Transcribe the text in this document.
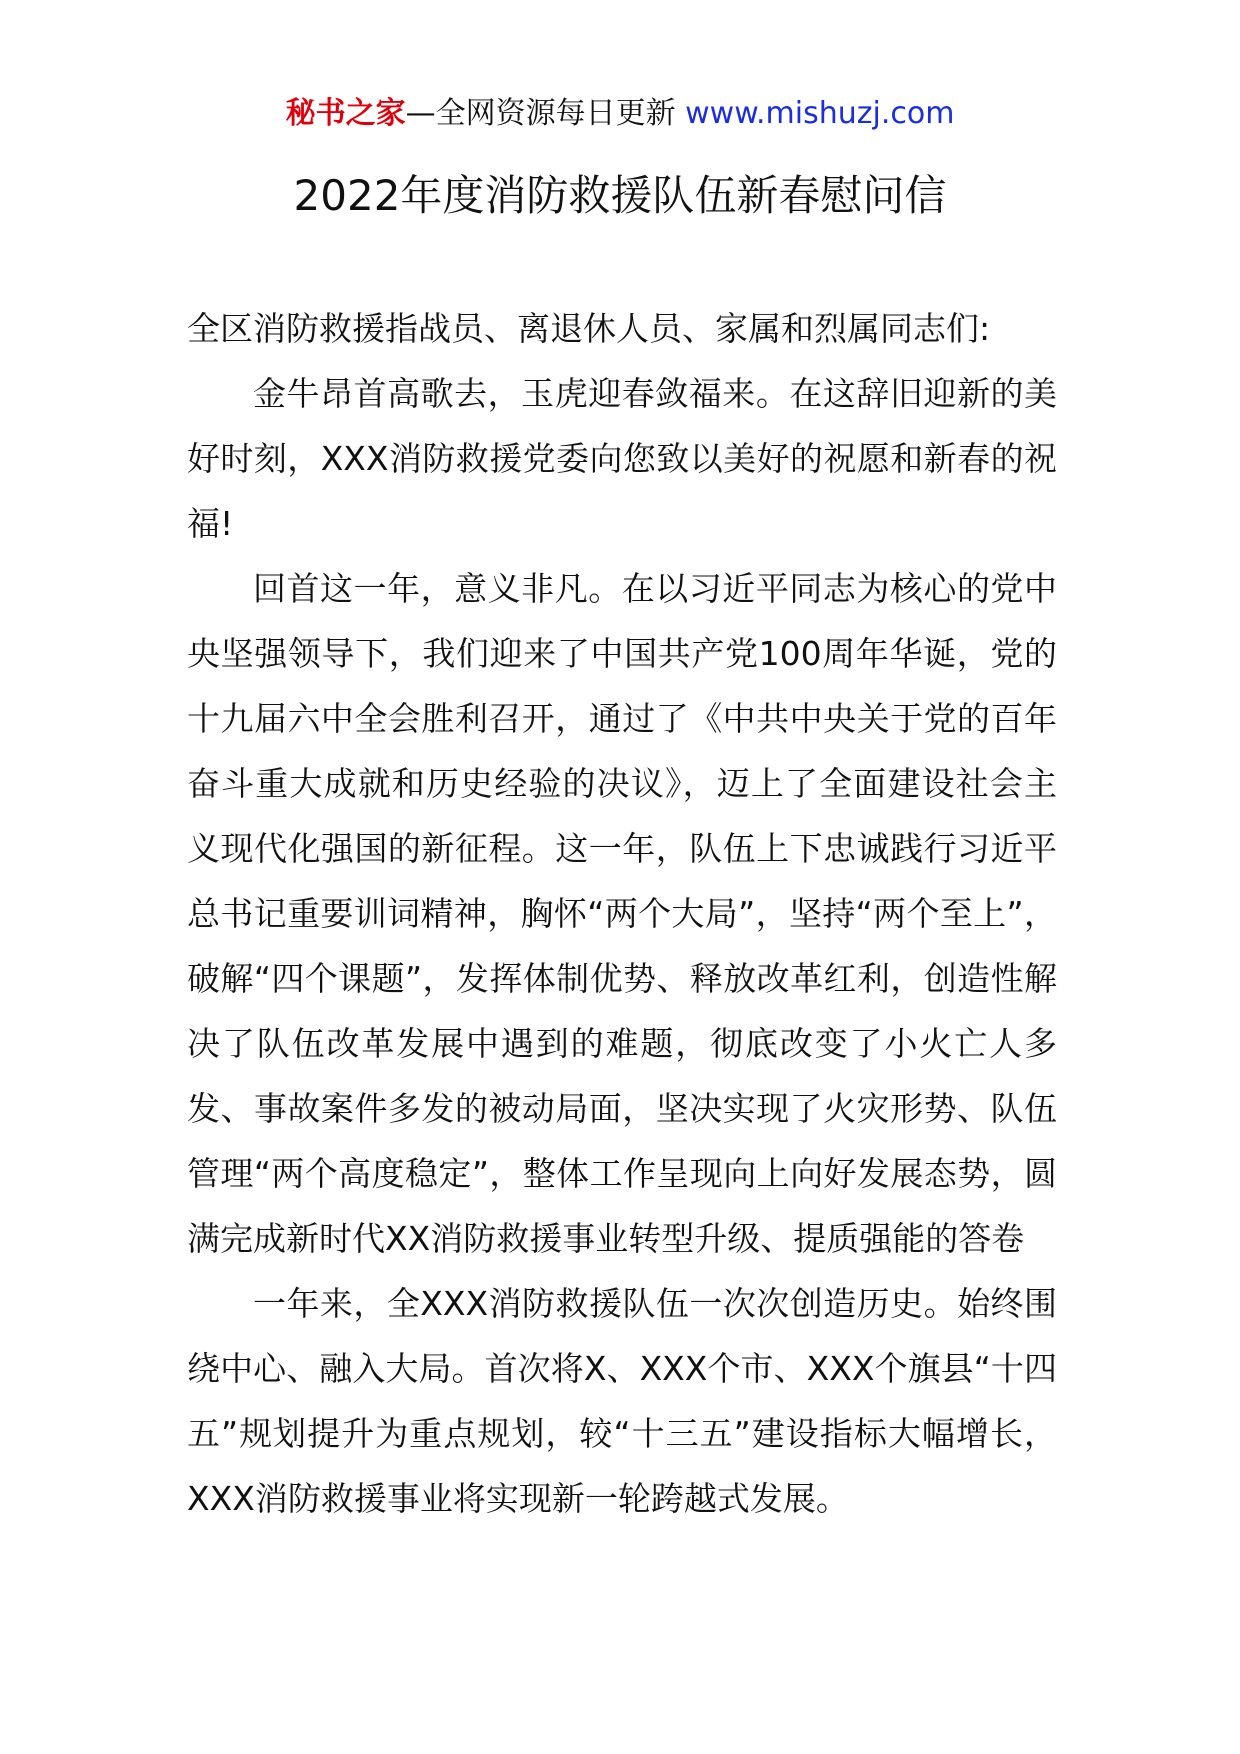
秘书之家—全网资源每日更新 www.mishuzj.com
2022年度消防救援队伍新春慰问信

全区消防救援指战员、离退休人员、家属和烈属同志们:

金牛昂首高歌去，玉虎迎春敛福来。在这辞旧迎新的美好时刻，XXX消防救援党委向您致以美好的祝愿和新春的祝福!

回首这一年，意义非凡。在以习近平同志为核心的党中央坚强领导下，我们迎来了中国共产党100周年华诞，党的十九届六中全会胜利召开，通过了《中共中央关于党的百年奋斗重大成就和历史经验的决议》，迈上了全面建设社会主义现代化强国的新征程。这一年，队伍上下忠诚践行习近平总书记重要训词精神，胸怀“两个大局”，坚持“两个至上”，破解“四个课题”，发挥体制优势、释放改革红利，创造性解决了队伍改革发展中遇到的难题，彻底改变了小火亡人多发、事故案件多发的被动局面，坚决实现了火灾形势、队伍管理“两个高度稳定”，整体工作呈现向上向好发展态势，圆满完成新时代XX消防救援事业转型升级、提质强能的答卷

一年来，全XXX消防救援队伍一次次创造历史。始终围绕中心、融入大局。首次将X、XXX个市、XXX个旗县“十四五”规划提升为重点规划，较“十三五”建设指标大幅增长，XXX消防救援事业将实现新一轮跨越式发展。
